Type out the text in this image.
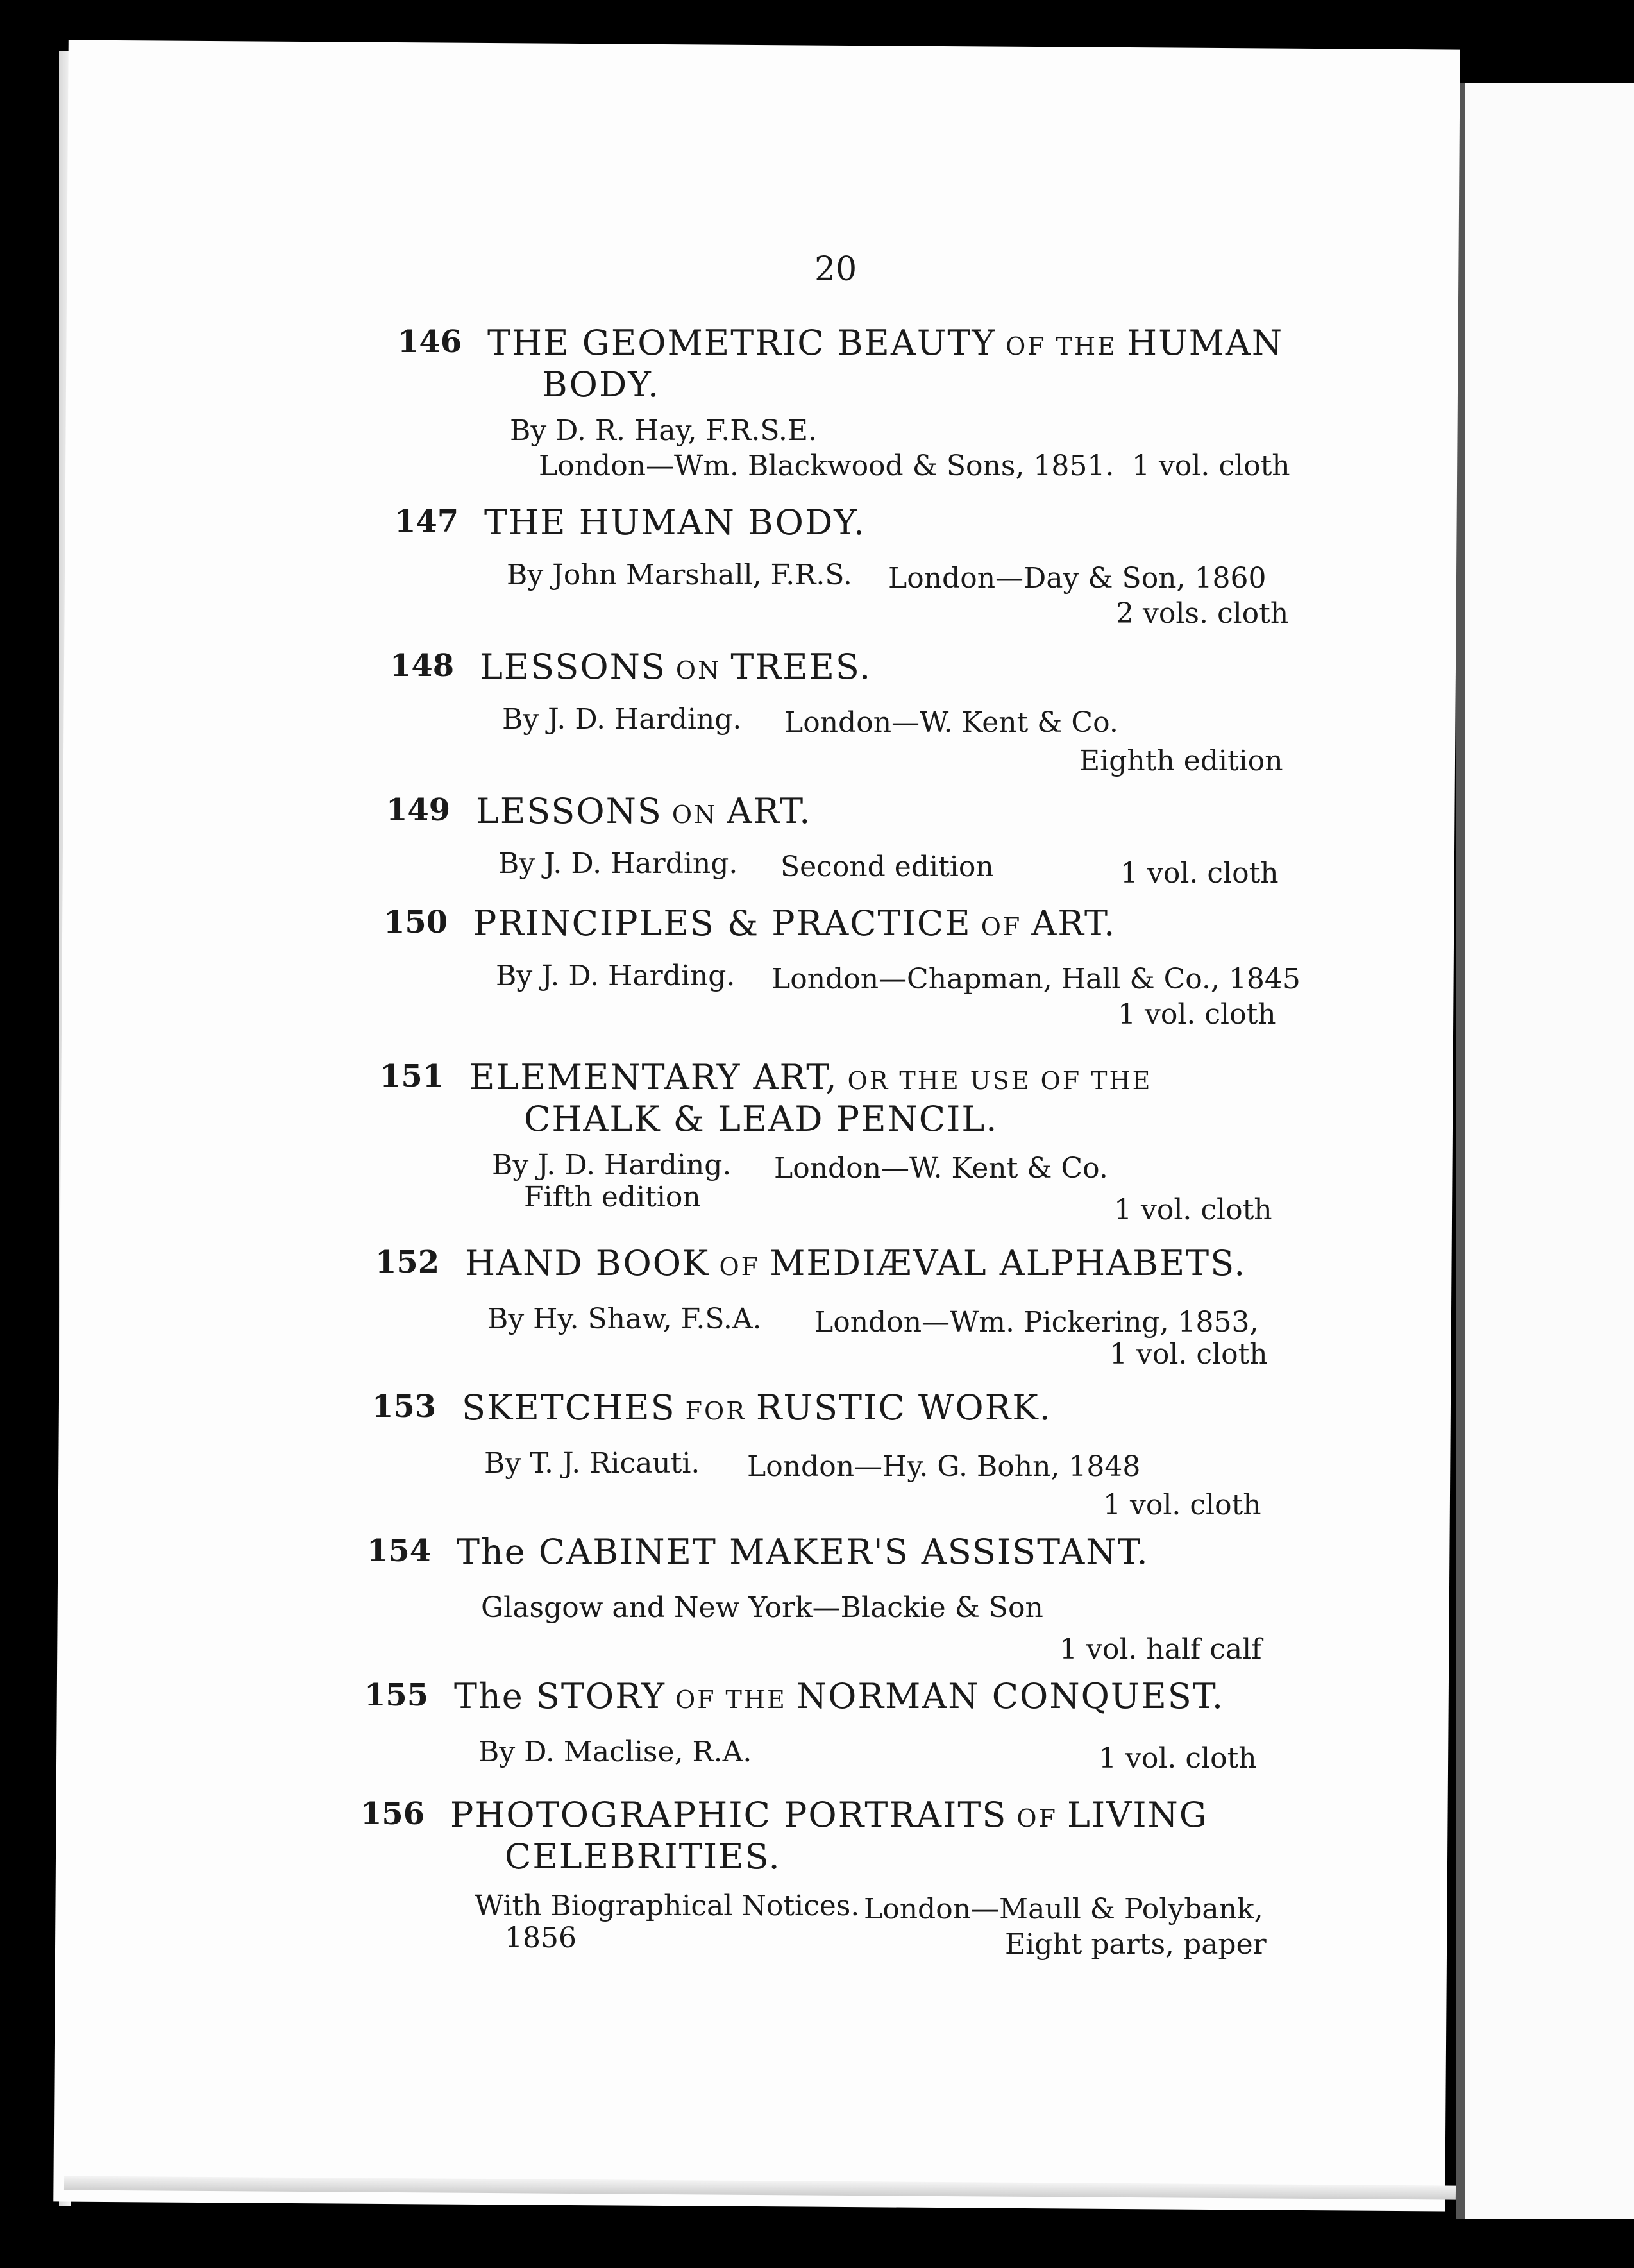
20
146 THE GEOMETRIC BEAUTY OF THE HUMAN
BODY.
By D. R. Hay, F.R.S.E.
London—Wm. Blackwood & Sons, 1851. 1 vol. cloth
147 THE HUMAN BODY.
By John Marshall, F.R.S. London—Day & Son, 1860
2 vols. cloth
148 LESSONS ON TREES.
By J. D. Harding. London—W. Kent & Co.
Eighth edition
149 LESSONS ON ART.
By J. D. Harding. Second edition	1 vol. cloth
150 PRINCIPLES & PRACTICE OF ART.
By J. D. Harding. London—Chapman, Hall & Co., 1845
1 vol. cloth
151 ELEMENTARY ART, OR THE USE OF THE
CHALK & LEAD PENCIL.
By J. D. Harding. London—W. Kent & Co.
Fifth edition	1 vol. cloth
152 HAND BOOK OF MEDIÆVAL ALPHABETS.
By Hy. Shaw, F.S.A. London—Wm. Pickering, 1853,
1 vol. cloth
153 SKETCHES FOR RUSTIC WORK.
By T. J. Ricauti. London—Hy. G. Bohn, 1848
1 vol. cloth
154 The CABINET MAKER'S ASSISTANT.
Glasgow and New York—Blackie & Son
1 vol. half calf
155 The STORY OF THE NORMAN CONQUEST.
By D. Maclise, R.A.	1 vol. cloth
156 PHOTOGRAPHIC PORTRAITS OF LIVING
CELEBRITIES.
With Biographical Notices. London—Maull & Polybank,
1856	Eight parts, paper
